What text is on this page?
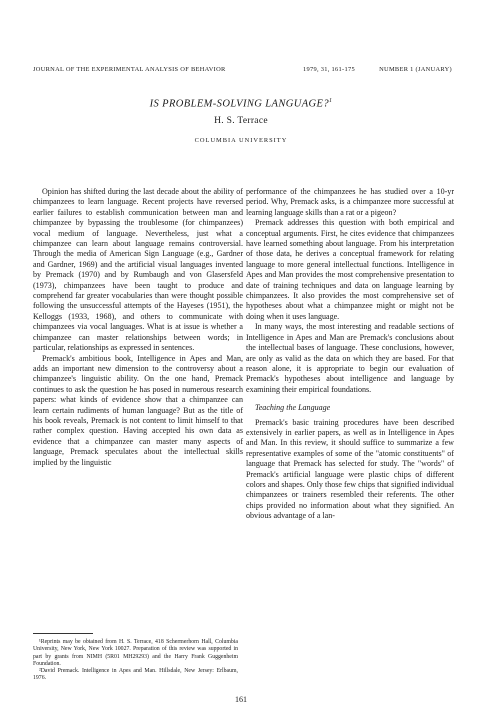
JOURNAL OF THE EXPERIMENTAL ANALYSIS OF BEHAVIOR	1979, 31, 161-175	NUMBER 1 (JANUARY)
IS PROBLEM-SOLVING LANGUAGE?$^1$
H. S. Terrace
COLUMBIA UNIVERSITY

Opinion has shifted during the last decade about the ability of chimpanzees to learn language. Recent projects have reversed earlier failures to establish communication between man and chimpanzee by bypassing the troublesome (for chimpanzees) vocal medium of language. Nevertheless, just what a chimpanzee can learn about language remains controversial. Through the media of American Sign Language (e.g., Gardner and Gardner, 1969) and the artificial visual languages invented by Premack (1970) and by Rumbaugh and von Glasersfeld (1973), chimpanzees have been taught to produce and comprehend far greater vocabularies than were thought possible following the unsuccessful attempts of the Hayeses (1951), the Kelloggs (1933, 1968), and others to communicate with chimpanzees via vocal languages. What is at issue is whether a chimpanzee can master relationships between words; in particular, relationships as expressed in sentences.

Premack's ambitious book, Intelligence in Apes and Man, adds an important new dimension to the controversy about a chimpanzee's linguistic ability. On the one hand, Premack continues to ask the question he has posed in numerous research papers: what kinds of evidence show that a chimpanzee can learn certain rudiments of human language? But as the title of his book reveals, Premack is not content to limit himself to that rather complex question. Having accepted his own data as evidence that a chimpanzee can master many aspects of language, Premack speculates about the intellectual skills implied by the linguistic

performance of the chimpanzees he has studied over a 10-yr period. Why, Premack asks, is a chimpanzee more successful at learning language skills than a rat or a pigeon?

Premack addresses this question with both empirical and conceptual arguments. First, he cites evidence that chimpanzees have learned something about language. From his interpretation of those data, he derives a conceptual framework for relating language to more general intellectual functions. Intelligence in Apes and Man provides the most comprehensive presentation to date of training techniques and data on language learning by chimpanzees. It also provides the most comprehensive set of hypotheses about what a chimpanzee might or might not be doing when it uses language.

In many ways, the most interesting and readable sections of Intelligence in Apes and Man are Premack's conclusions about the intellectual bases of language. These conclusions, however, are only as valid as the data on which they are based. For that reason alone, it is appropriate to begin our evaluation of Premack's hypotheses about intelligence and language by examining their empirical foundations.

Teaching the Language

Premack's basic training procedures have been described extensively in earlier papers, as well as in Intelligence in Apes and Man. In this review, it should suffice to summarize a few representative examples of some of the "atomic constituents" of language that Premack has selected for study. The "words" of Premack's artificial language were plastic chips of different colors and shapes. Only those few chips that signified individual chimpanzees or trainers resembled their referents. The other chips provided no information about what they signified. An obvious advantage of a lan-

¹Reprints may be obtained from H. S. Terrace, 418 Schermerhorn Hall, Columbia University, New York, New York 10027. Preparation of this review was supported in part by grants from NIMH (5R01 MH29293) and the Harry Frank Guggenheim Foundation.

²David Premack. Intelligence in Apes and Man. Hillsdale, New Jersey: Erlbaum, 1976.

161
